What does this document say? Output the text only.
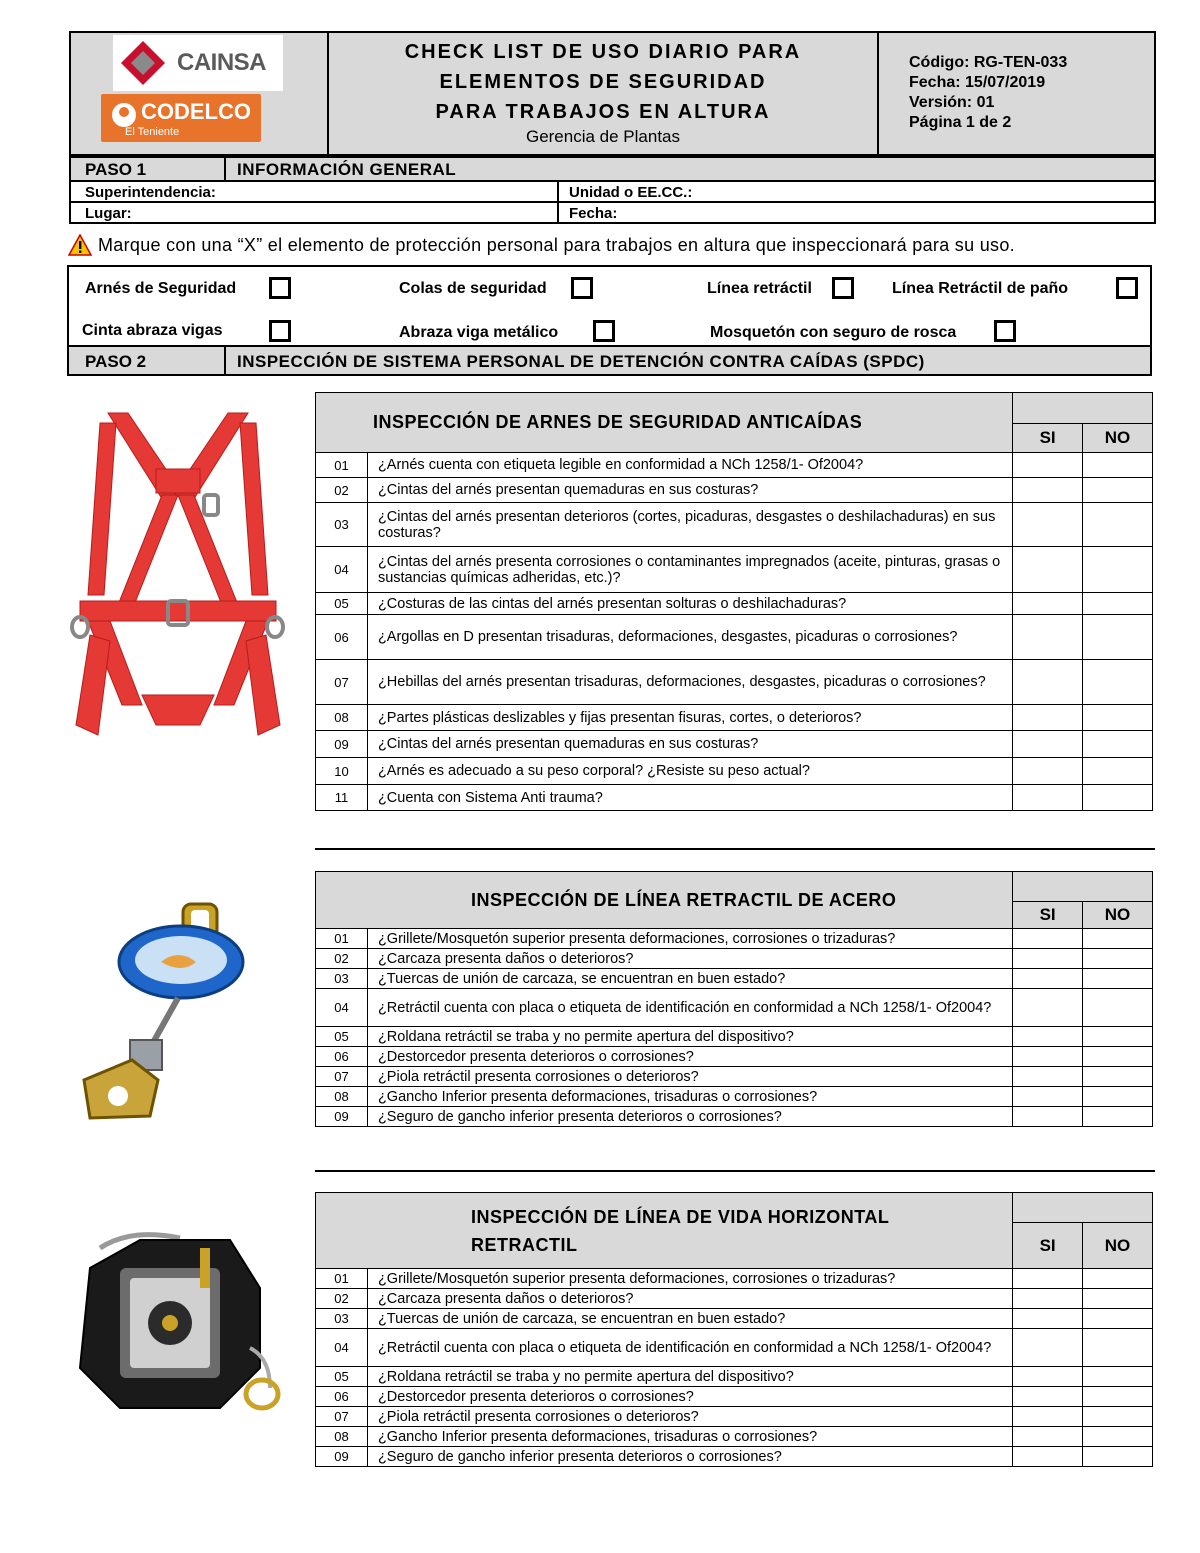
CAINSA
CODELCO
El Teniente
CHECK LIST DE USO DIARIO PARA
ELEMENTOS DE SEGURIDAD
PARA TRABAJOS EN ALTURA
Gerencia de Plantas
Código: RG-TEN-033
Fecha: 15/07/2019
Versión: 01
Página 1 de 2
PASO 1	INFORMACIÓN GENERAL
Superintendencia:	Unidad o EE.CC.:
Lugar:	Fecha:
Marque con una “X” el elemento de protección personal para trabajos en altura que inspeccionará para su uso.
Arnés de Seguridad	Colas de seguridad	Línea retráctil	Línea Retráctil de paño
Cinta abraza vigas	Abraza viga metálico	Mosquetón con seguro de rosca
PASO 2	INSPECCIÓN DE SISTEMA PERSONAL DE DETENCIÓN CONTRA CAÍDAS (SPDC)
INSPECCIÓN DE ARNES DE SEGURIDAD ANTICAÍDAS			
		SI	NO
01	¿Arnés cuenta con etiqueta legible en conformidad a NCh 1258/1- Of2004?		
02	¿Cintas del arnés presentan quemaduras en sus costuras?		
03	¿Cintas del arnés presentan deterioros (cortes, picaduras, desgastes o deshilachaduras) en sus costuras?		
04	¿Cintas del arnés presenta corrosiones o contaminantes impregnados (aceite, pinturas, grasas o sustancias químicas adheridas, etc.)?		
05	¿Costuras de las cintas del arnés presentan solturas o deshilachaduras?		
06	¿Argollas en D presentan trisaduras, deformaciones, desgastes, picaduras o corrosiones?		
07	¿Hebillas del arnés presentan trisaduras, deformaciones, desgastes, picaduras o corrosiones?		
08	¿Partes plásticas deslizables y fijas presentan fisuras, cortes, o deterioros?		
09	¿Cintas del arnés presentan quemaduras en sus costuras?		
10	¿Arnés es adecuado a su peso corporal? ¿Resiste su peso actual?		
11	¿Cuenta con Sistema Anti trauma?		
INSPECCIÓN DE LÍNEA RETRACTIL DE ACERO			
		SI	NO
01	¿Grillete/Mosquetón superior presenta deformaciones, corrosiones o trizaduras?		
02	¿Carcaza presenta daños o deterioros?		
03	¿Tuercas de unión de carcaza, se encuentran en buen estado?		
04	¿Retráctil cuenta con placa o etiqueta de identificación en conformidad a NCh 1258/1- Of2004?		
05	¿Roldana retráctil se traba y no permite apertura del dispositivo?		
06	¿Destorcedor presenta deterioros o corrosiones?		
07	¿Piola retráctil presenta corrosiones o deterioros?		
08	¿Gancho Inferior presenta deformaciones, trisaduras o corrosiones?		
09	¿Seguro de gancho inferior presenta deterioros o corrosiones?		
INSPECCIÓN DE LÍNEA DE VIDA HORIZONTAL RETRACTIL			
		SI	NO
01	¿Grillete/Mosquetón superior presenta deformaciones, corrosiones o trizaduras?		
02	¿Carcaza presenta daños o deterioros?		
03	¿Tuercas de unión de carcaza, se encuentran en buen estado?		
04	¿Retráctil cuenta con placa o etiqueta de identificación en conformidad a NCh 1258/1- Of2004?		
05	¿Roldana retráctil se traba y no permite apertura del dispositivo?		
06	¿Destorcedor presenta deterioros o corrosiones?		
07	¿Piola retráctil presenta corrosiones o deterioros?		
08	¿Gancho Inferior presenta deformaciones, trisaduras o corrosiones?		
09	¿Seguro de gancho inferior presenta deterioros o corrosiones?		
